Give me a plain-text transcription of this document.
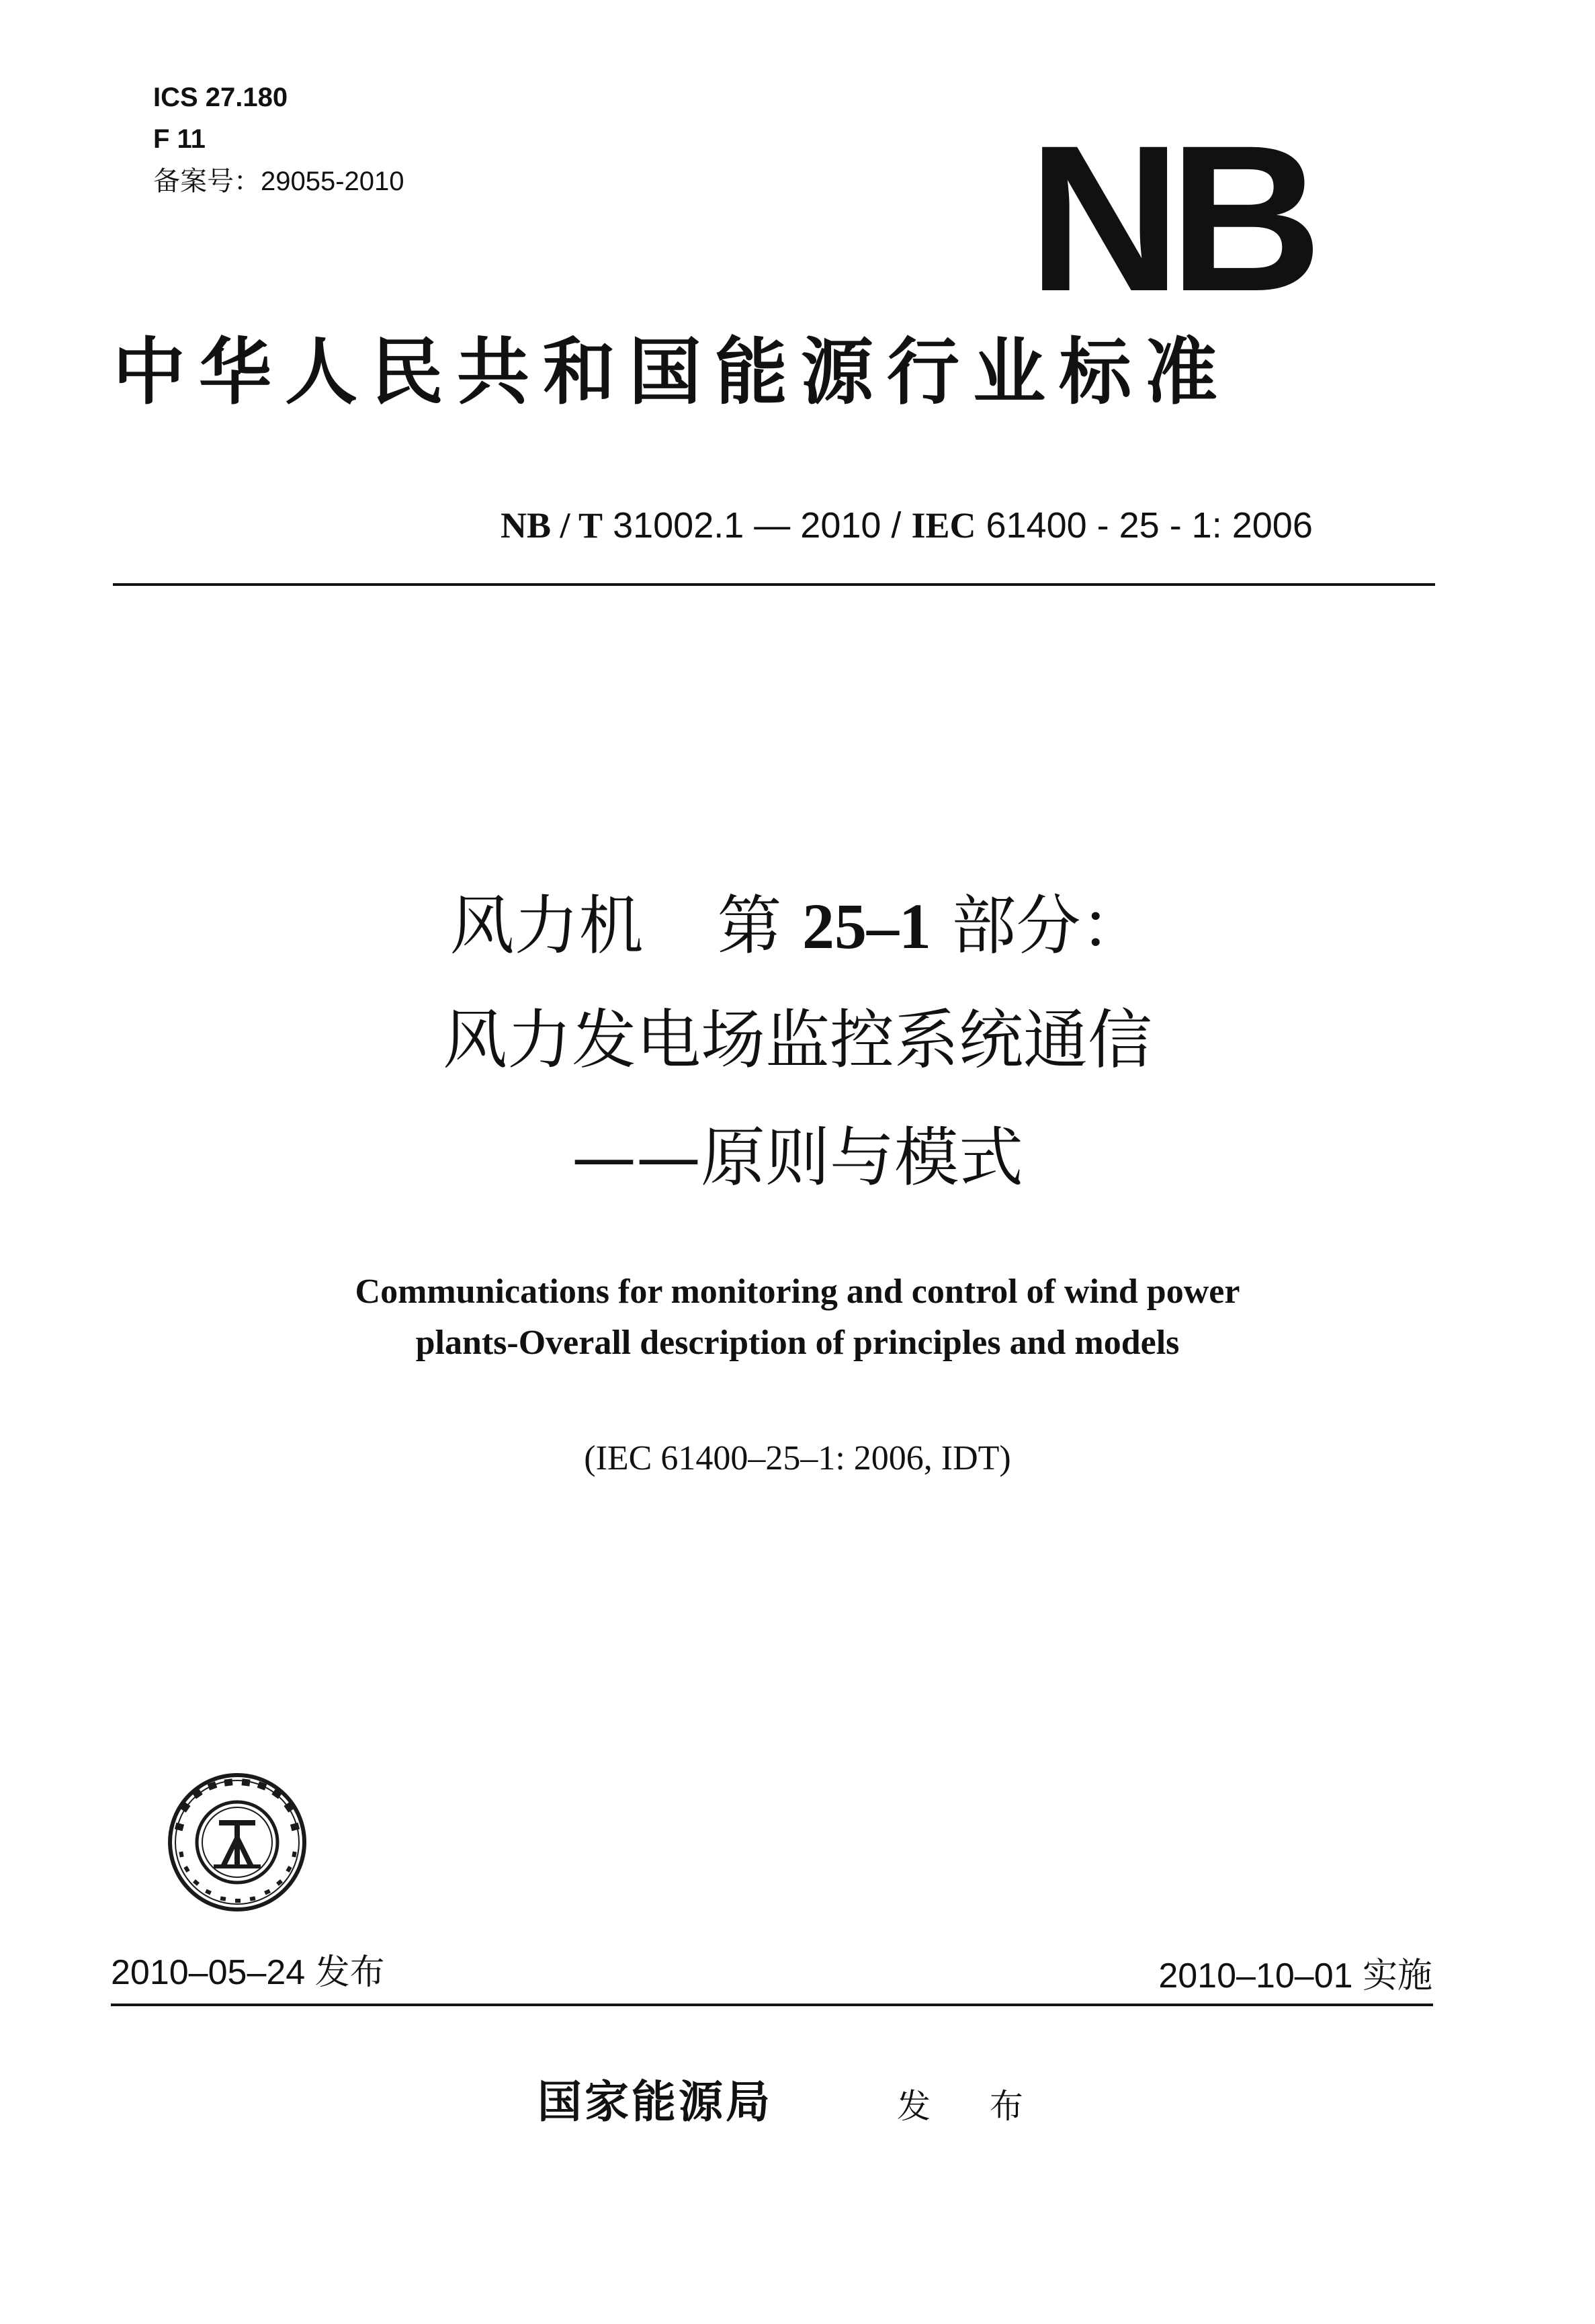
ICS 27.180
F 11
备案号：29055-2010	NB
中华人民共和国能源行业标准
NB / T 31002.1 — 2010 / IEC 61400 - 25 - 1: 2006
风力机 第 25–1 部分：
风力发电场监控系统通信
——原则与模式
Communications for monitoring and control of wind power
plants-Overall description of principles and models
(IEC 61400–25–1: 2006, IDT)
2010–05–24 发布	2010–10–01 实施
国家能源局	发 布
